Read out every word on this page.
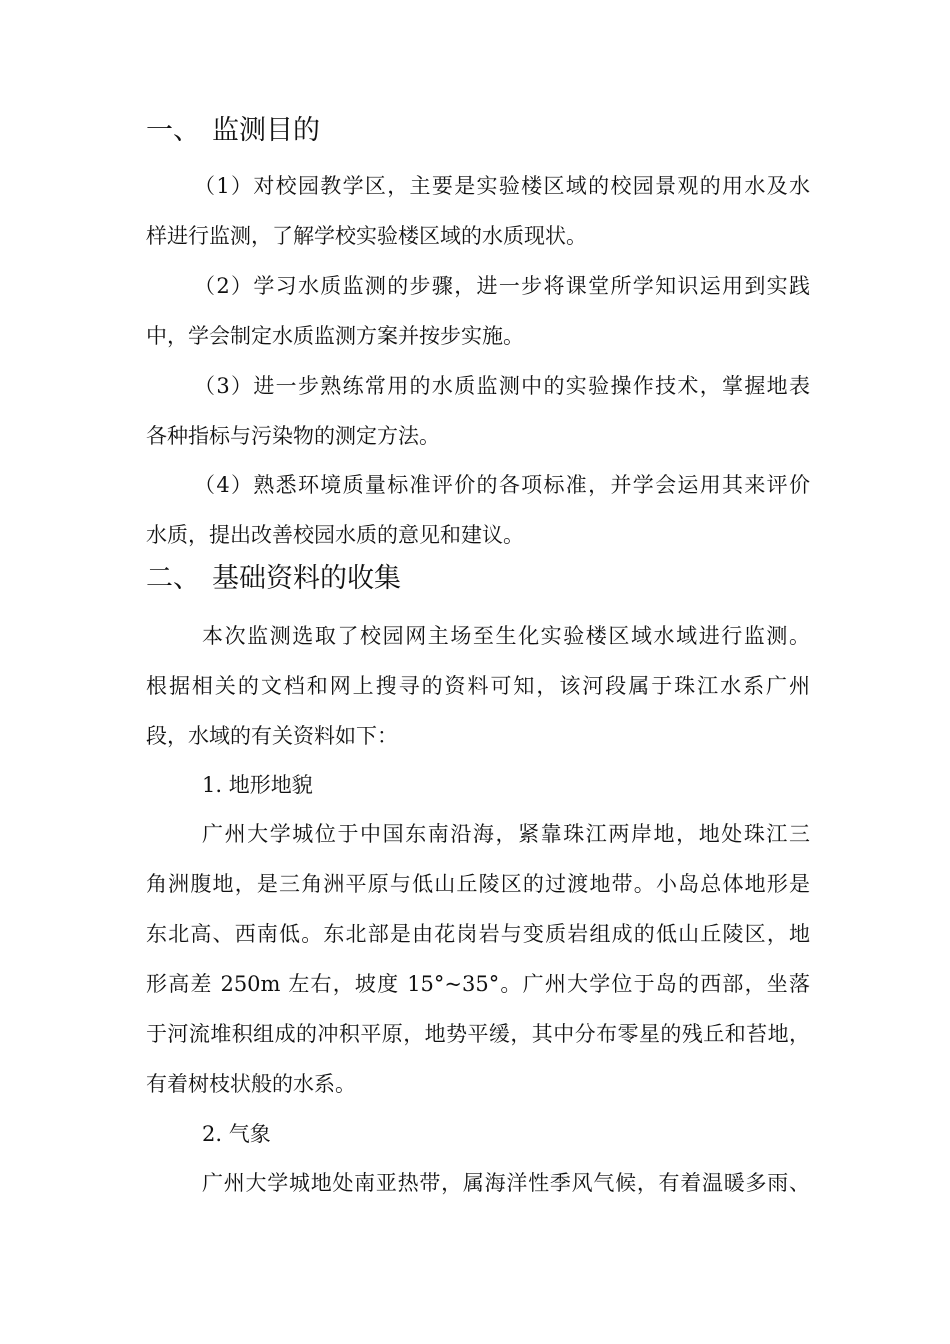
一、 监测目的
（1）对校园教学区，主要是实验楼区域的校园景观的用水及水
样进行监测，了解学校实验楼区域的水质现状。
（2）学习水质监测的步骤，进一步将课堂所学知识运用到实践
中，学会制定水质监测方案并按步实施。
（3）进一步熟练常用的水质监测中的实验操作技术，掌握地表
各种指标与污染物的测定方法。
（4）熟悉环境质量标准评价的各项标准，并学会运用其来评价
水质，提出改善校园水质的意见和建议。
二、 基础资料的收集
本次监测选取了校园网主场至生化实验楼区域水域进行监测。
根据相关的文档和网上搜寻的资料可知，该河段属于珠江水系广州
段，水域的有关资料如下：
1. 地形地貌
广州大学城位于中国东南沿海，紧靠珠江两岸地，地处珠江三
角洲腹地，是三角洲平原与低山丘陵区的过渡地带。小岛总体地形是
东北高、西南低。东北部是由花岗岩与变质岩组成的低山丘陵区，地
形高差 250m 左右，坡度 15°~35°。广州大学位于岛的西部，坐落
于河流堆积组成的冲积平原，地势平缓，其中分布零星的残丘和苔地，
有着树枝状般的水系。
2. 气象
广州大学城地处南亚热带，属海洋性季风气候，有着温暖多雨、
